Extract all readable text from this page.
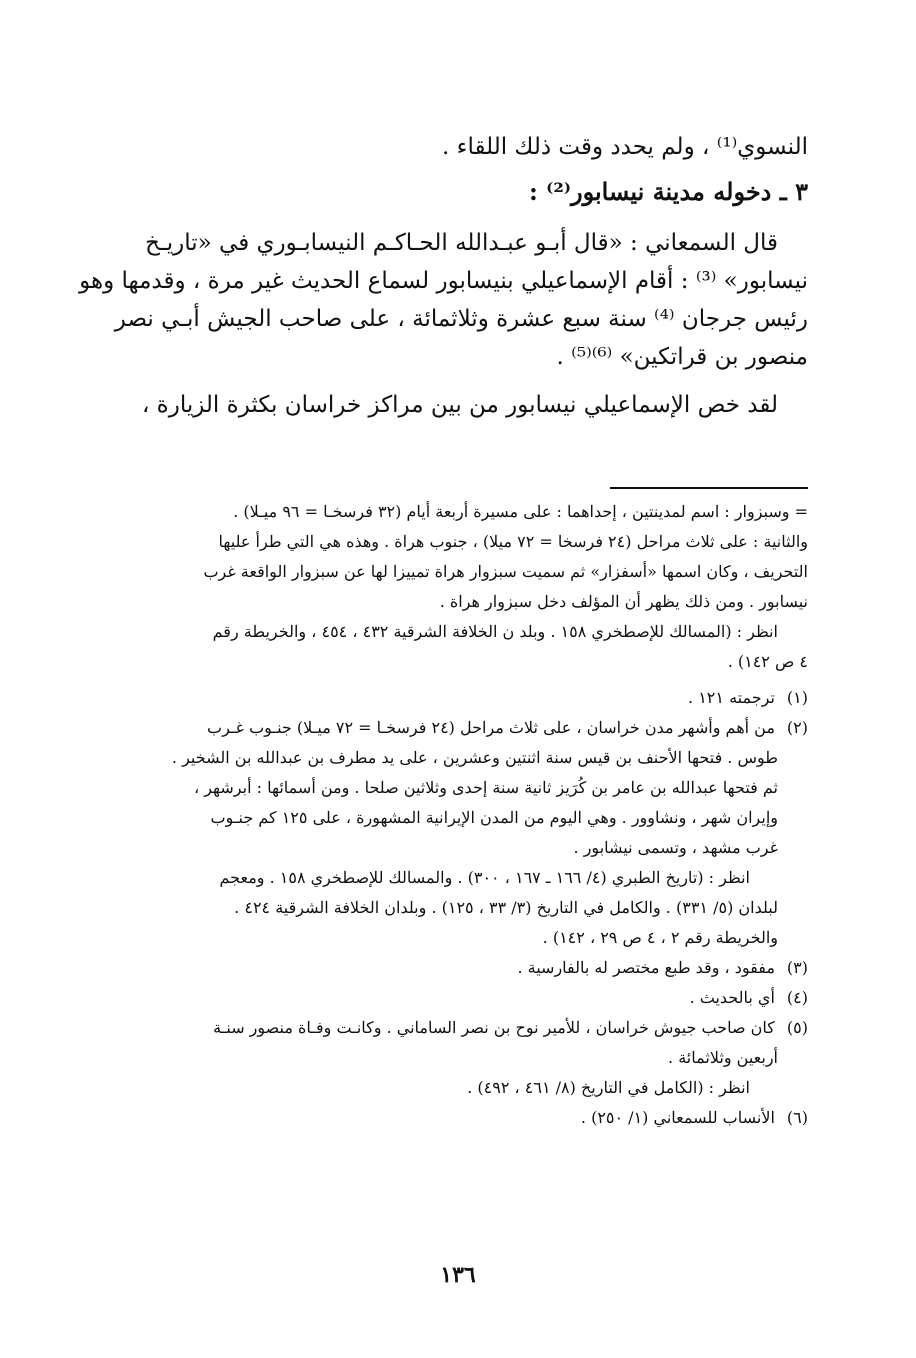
النسوي⁽¹⁾ ، ولم يحدد وقت ذلك اللقاء .
٣ ـ دخوله مدينة نيسابور⁽²⁾ :
قال السمعاني : «قال أبـو عبـدالله الحـاكـم النيسابـوري في «تاريـخ
نيسابور» ⁽³⁾ : أقام الإسماعيلي بنيسابور لسماع الحديث غير مرة ، وقدمها وهو
رئيس جرجان ⁽⁴⁾ سنة سبع عشرة وثلاثمائة ، على صاحب الجيش أبـي نصر
منصور بن قراتكين» ⁽⁶⁾⁽⁵⁾ .
لقد خص الإسماعيلي نيسابور من بين مراكز خراسان بكثرة الزيارة ،
= وسبزوار : اسم لمدينتين ، إحداهما : على مسيرة أربعة أيام (٣٢ فرسخـا = ٩٦ ميـلا) .
والثانية : على ثلاث مراحل (٢٤ فرسخا = ٧٢ ميلا) ، جنوب هراة . وهذه هي التي طرأ عليها
التحريف ، وكان اسمها «أسفزار» ثم سميت سبزوار هراة تمييزا لها عن سبزوار الواقعة غرب
نيسابور . ومن ذلك يظهر أن المؤلف دخل سبزوار هراة .
انظر : (المسالك للإصطخري ١٥٨ . وبلد ن الخلافة الشرقية ٤٣٢ ، ٤٥٤ ، والخريطة رقم
٤ ص ١٤٢) .
(١) ترجمته ١٢١ .
(٢) من أهم وأشهر مدن خراسان ، على ثلاث مراحل (٢٤ فرسخـا = ٧٢ ميـلا) جنـوب غـرب
طوس . فتحها الأحنف بن قيس سنة اثنتين وعشرين ، على يد مطرف بن عبدالله بن الشخير .
ثم فتحها عبدالله بن عامر بن كُرَيز ثانية سنة إحدى وثلاثين صلحا . ومن أسمائها : أبرشهر ،
وإيران شهر ، ونشاوور . وهي اليوم من المدن الإيرانية المشهورة ، على ١٢٥ كم جنـوب
غرب مشهد ، وتسمى نيشابور .
انظر : (تاريخ الطبري (٤/ ١٦٦ ـ ١٦٧ ، ٣٠٠) . والمسالك للإصطخري ١٥٨ . ومعجم
لبلدان (٥/ ٣٣١) . والكامل في التاريخ (٣/ ٣٣ ، ١٢٥) . وبلدان الخلافة الشرقية ٤٢٤ .
والخريطة رقم ٢ ، ٤ ص ٢٩ ، ١٤٢) .
(٣) مفقود ، وقد طبع مختصر له بالفارسية .
(٤) أي بالحديث .
(٥) كان صاحب جيوش خراسان ، للأمير نوح بن نصر الساماني . وكانـت وفـاة منصور سنـة
أربعين وثلاثمائة .
انظر : (الكامل في التاريخ (٨/ ٤٦١ ، ٤٩٢) .
(٦) الأنساب للسمعاني (١/ ٢٥٠) .
١٣٦
